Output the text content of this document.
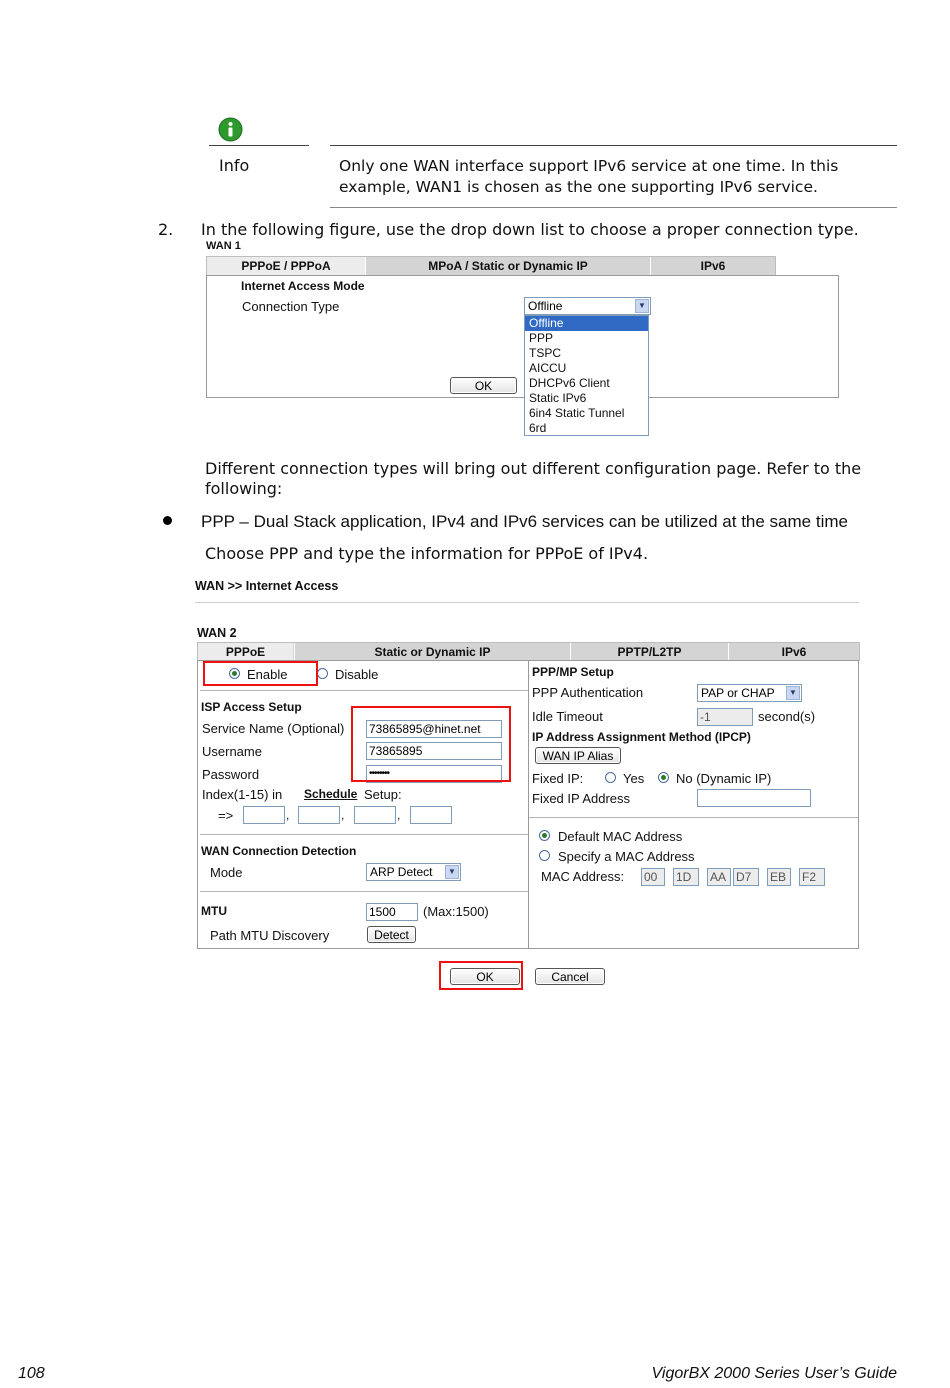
Info	Only one WAN interface support IPv6 service at one time. In this
example, WAN1 is chosen as the one supporting IPv6 service.
2. In the following figure, use the drop down list to choose a proper connection type.
WAN 1
PPPoE / PPPoA	MPoA / Static or Dynamic IP	IPv6
Internet Access Mode
Connection Type	Offline	▼
Offline
PPP
TSPC
AICCU
DHCPv6 Client
Static IPv6
6in4 Static Tunnel
6rd
OK
Different connection types will bring out different configuration page. Refer to the
following:
PPP – Dual Stack application, IPv4 and IPv6 services can be utilized at the same time
Choose PPP and type the information for PPPoE of IPv4.
WAN >> Internet Access
WAN 2
PPPoE	Static or Dynamic IP	PPTP/L2TP	IPv6
Enable	Disable
ISP Access Setup
Service Name (Optional) 73865895@hinet.net
Username	73865895
Password	••••••••
Index(1-15) in Schedule Setup:
=>	,	,	,
WAN Connection Detection
Mode	ARP Detect	▼
MTU	1500	(Max:1500)
Path MTU Discovery	Detect
PPP/MP Setup
PPP Authentication	PAP or CHAP	▼
Idle Timeout	-1	second(s)
IP Address Assignment Method (IPCP)
WAN IP Alias
Fixed IP:	Yes No (Dynamic IP)
Fixed IP Address
Default MAC Address
Specify a MAC Address
MAC Address: 00	1D	AA D7	EB	F2
OK	Cancel
108	VigorBX 2000 Series User’s Guide
